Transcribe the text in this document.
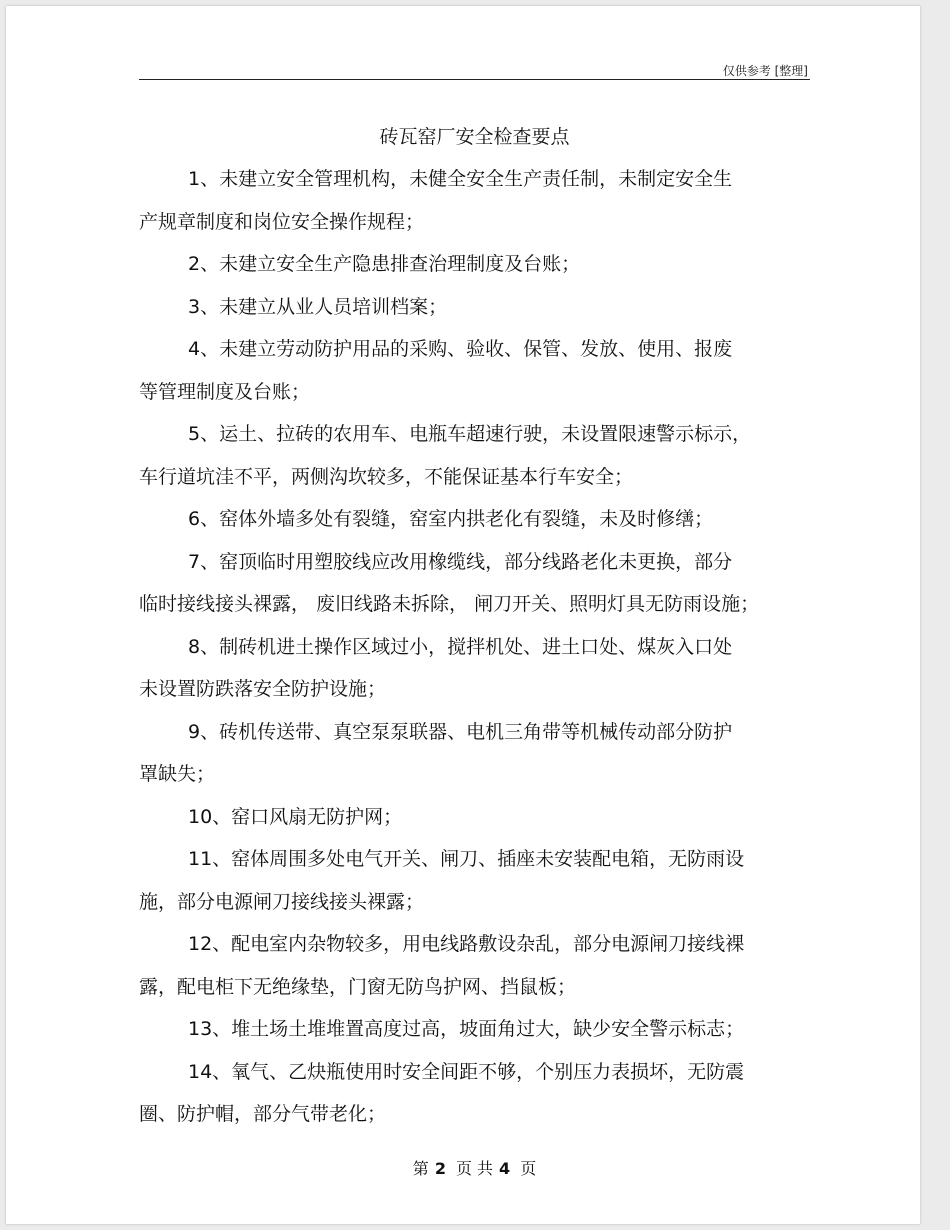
仅供参考 [整理]
砖瓦窑厂安全检查要点
1、未建立安全管理机构，未健全安全生产责任制，未制定安全生
产规章制度和岗位安全操作规程；
2、未建立安全生产隐患排查治理制度及台账；
3、未建立从业人员培训档案；
4、未建立劳动防护用品的采购、验收、保管、发放、使用、报废
等管理制度及台账；
5、运土、拉砖的农用车、电瓶车超速行驶，未设置限速警示标示，
车行道坑洼不平，两侧沟坎较多，不能保证基本行车安全；
6、窑体外墙多处有裂缝，窑室内拱老化有裂缝，未及时修缮；
7、窑顶临时用塑胶线应改用橡缆线，部分线路老化未更换，部分
临时接线接头裸露， 废旧线路未拆除， 闸刀开关、照明灯具无防雨设施；
8、制砖机进土操作区域过小，搅拌机处、进土口处、煤灰入口处
未设置防跌落安全防护设施；
9、砖机传送带、真空泵泵联器、电机三角带等机械传动部分防护
罩缺失；
10、窑口风扇无防护网；
11、窑体周围多处电气开关、闸刀、插座未安装配电箱，无防雨设
施，部分电源闸刀接线接头裸露；
12、配电室内杂物较多，用电线路敷设杂乱，部分电源闸刀接线裸
露，配电柜下无绝缘垫，门窗无防鸟护网、挡鼠板；
13、堆土场土堆堆置高度过高，坡面角过大，缺少安全警示标志；
14、氧气、乙炔瓶使用时安全间距不够，个别压力表损坏，无防震
圈、防护帽，部分气带老化；
第 2 页 共 4 页
